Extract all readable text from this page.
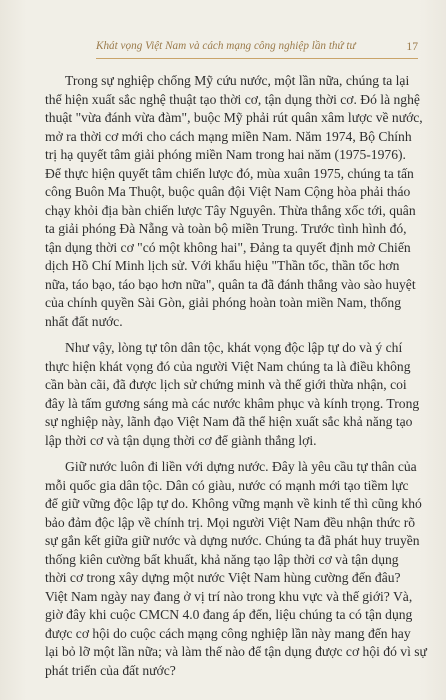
Khát vọng Việt Nam và cách mạng công nghiệp lần thứ tư	17
Trong sự nghiệp chống Mỹ cứu nước, một lần nữa, chúng ta lại
thể hiện xuất sắc nghệ thuật tạo thời cơ, tận dụng thời cơ. Đó là nghệ
thuật "vừa đánh vừa đàm", buộc Mỹ phải rút quân xâm lược về nước,
mở ra thời cơ mới cho cách mạng miền Nam. Năm 1974, Bộ Chính
trị hạ quyết tâm giải phóng miền Nam trong hai năm (1975-1976).
Để thực hiện quyết tâm chiến lược đó, mùa xuân 1975, chúng ta tấn
công Buôn Ma Thuột, buộc quân đội Việt Nam Cộng hòa phải tháo
chạy khỏi địa bàn chiến lược Tây Nguyên. Thừa thắng xốc tới, quân
ta giải phóng Đà Nẵng và toàn bộ miền Trung. Trước tình hình đó,
tận dụng thời cơ "có một không hai", Đảng ta quyết định mở Chiến
dịch Hồ Chí Minh lịch sử. Với khẩu hiệu "Thần tốc, thần tốc hơn
nữa, táo bạo, táo bạo hơn nữa", quân ta đã đánh thẳng vào sào huyệt
của chính quyền Sài Gòn, giải phóng hoàn toàn miền Nam, thống
nhất đất nước.
Như vậy, lòng tự tôn dân tộc, khát vọng độc lập tự do và ý chí
thực hiện khát vọng đó của người Việt Nam chúng ta là điều không
cần bàn cãi, đã được lịch sử chứng minh và thế giới thừa nhận, coi
đây là tấm gương sáng mà các nước khâm phục và kính trọng. Trong
sự nghiệp này, lãnh đạo Việt Nam đã thể hiện xuất sắc khả năng tạo
lập thời cơ và tận dụng thời cơ để giành thắng lợi.
Giữ nước luôn đi liền với dựng nước. Đây là yêu cầu tự thân của
mỗi quốc gia dân tộc. Dân có giàu, nước có mạnh mới tạo tiềm lực
để giữ vững độc lập tự do. Không vững mạnh về kinh tế thì cũng khó
bảo đảm độc lập về chính trị. Mọi người Việt Nam đều nhận thức rõ
sự gắn kết giữa giữ nước và dựng nước. Chúng ta đã phát huy truyền
thống kiên cường bất khuất, khả năng tạo lập thời cơ và tận dụng
thời cơ trong xây dựng một nước Việt Nam hùng cường đến đâu?
Việt Nam ngày nay đang ở vị trí nào trong khu vực và thế giới? Và,
giờ đây khi cuộc CMCN 4.0 đang áp đến, liệu chúng ta có tận dụng
được cơ hội do cuộc cách mạng công nghiệp lần này mang đến hay
lại bỏ lỡ một lần nữa; và làm thế nào để tận dụng được cơ hội đó vì sự
phát triển của đất nước?
